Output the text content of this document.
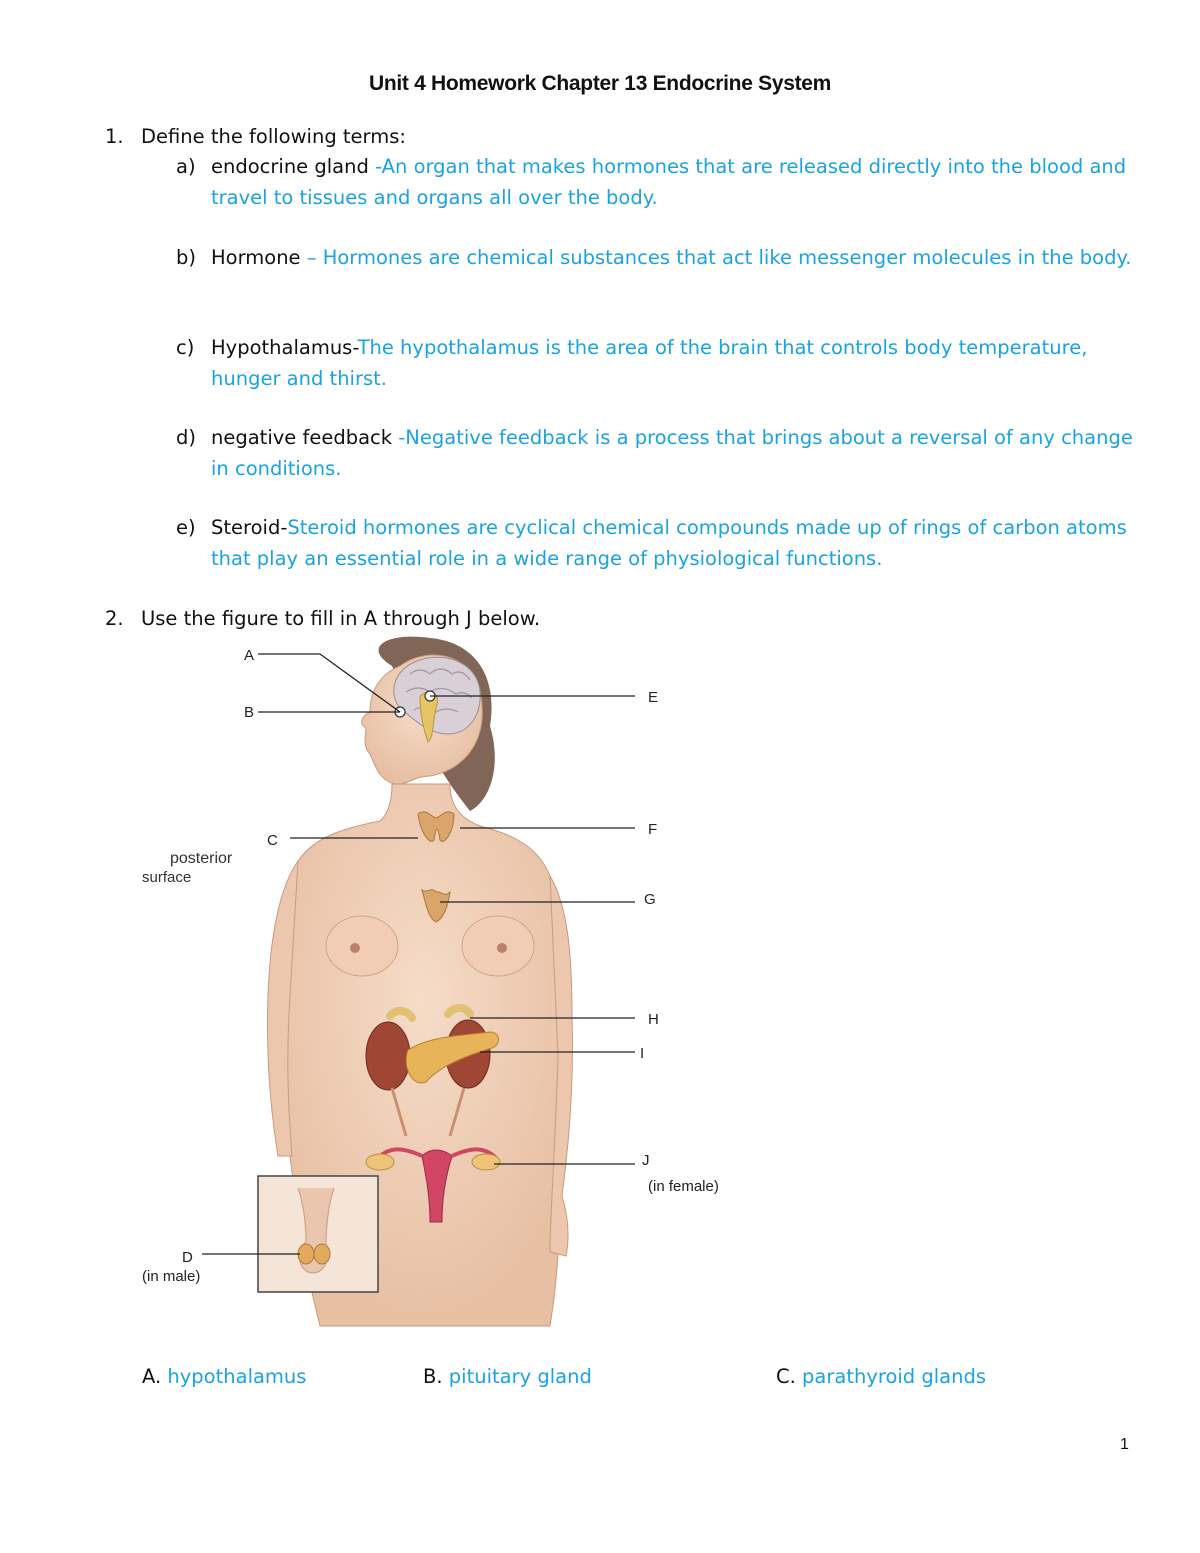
Unit 4 Homework Chapter 13 Endocrine System
1. Define the following terms:
a) endocrine gland -An organ that makes hormones that are released directly into the blood and travel to tissues and organs all over the body.
b) Hormone – Hormones are chemical substances that act like messenger molecules in the body.
c) Hypothalamus-The hypothalamus is the area of the brain that controls body temperature, hunger and thirst.
d) negative feedback -Negative feedback is a process that brings about a reversal of any change in conditions.
e) Steroid-Steroid hormones are cyclical chemical compounds made up of rings of carbon atoms that play an essential role in a wide range of physiological functions.
2. Use the figure to fill in A through J below.
A
B
E
C
posterior
surface
F
G
H
I
J
(in female)
D
(in male)
A. hypothalamus	B. pituitary gland	C. parathyroid glands
1
